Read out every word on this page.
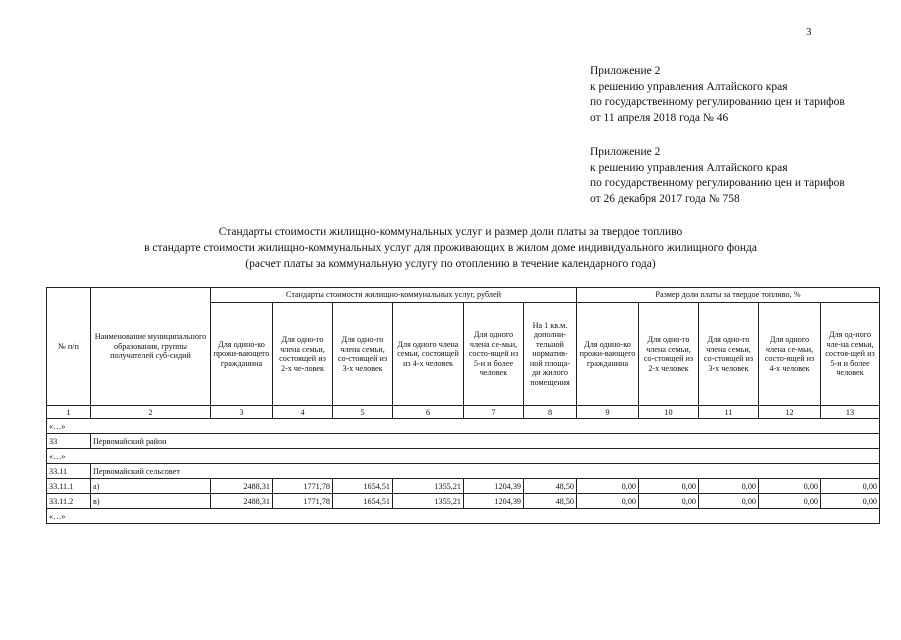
3
Приложение 2
к решению управления Алтайского края
по государственному регулированию цен и тарифов
от 11 апреля 2018 года № 46
Приложение 2
к решению управления Алтайского края
по государственному регулированию цен и тарифов
от 26 декабря 2017 года № 758
Стандарты стоимости жилищно-коммунальных услуг и размер доли платы за твердое топливо
в стандарте стоимости жилищно-коммунальных услуг для проживающих в жилом доме индивидуального жилищного фонда
(расчет платы за коммунальную услугу по отоплению в течение календарного года)
№ п/п	Наименование муниципального образования, группы получателей суб-сидий	Стандарты стоимости жилищно-коммунальных услуг, рублей						Размер доли платы за твердое топливо, %				
		Для одино-ко прожи-вающего гражданина	Для одно-го члена семьи, состоящей из 2-х че-ловек	Для одно-го члена семьи, со-стоящей из 3-х человек	Для одного члена семьи, состоящей из 4-х человек	Для одного члена се-мьи, состо-ящей из 5-и и более человек	На 1 кв.м. дополни-тельной норматив-ной площа-ди жилого помещения	Для одино-ко прожи-вающего гражданина	Для одно-го члена семьи, со-стоящей из 2-х человек	Для одно-го члена семьи, со-стоящей из 3-х человек	Для одного члена се-мьи, состо-ящей из 4-х человек	Для од-ного чле-на семьи, состоя-щей из 5-и и более человек
1	2	3	4	5	6	7	8	9	10	11	12	13
«…»												
33	Первомайский район											
«…»												
33.11	Первомайский сельсовет											
33.11.1	а)	2488,31	1771,78	1654,51	1355,21	1204,39	48,50	0,00	0,00	0,00	0,00	0,00
33.11.2	в)	2488,31	1771,78	1654,51	1355,21	1204,39	48,50	0,00	0,00	0,00	0,00	0,00
«…»												
